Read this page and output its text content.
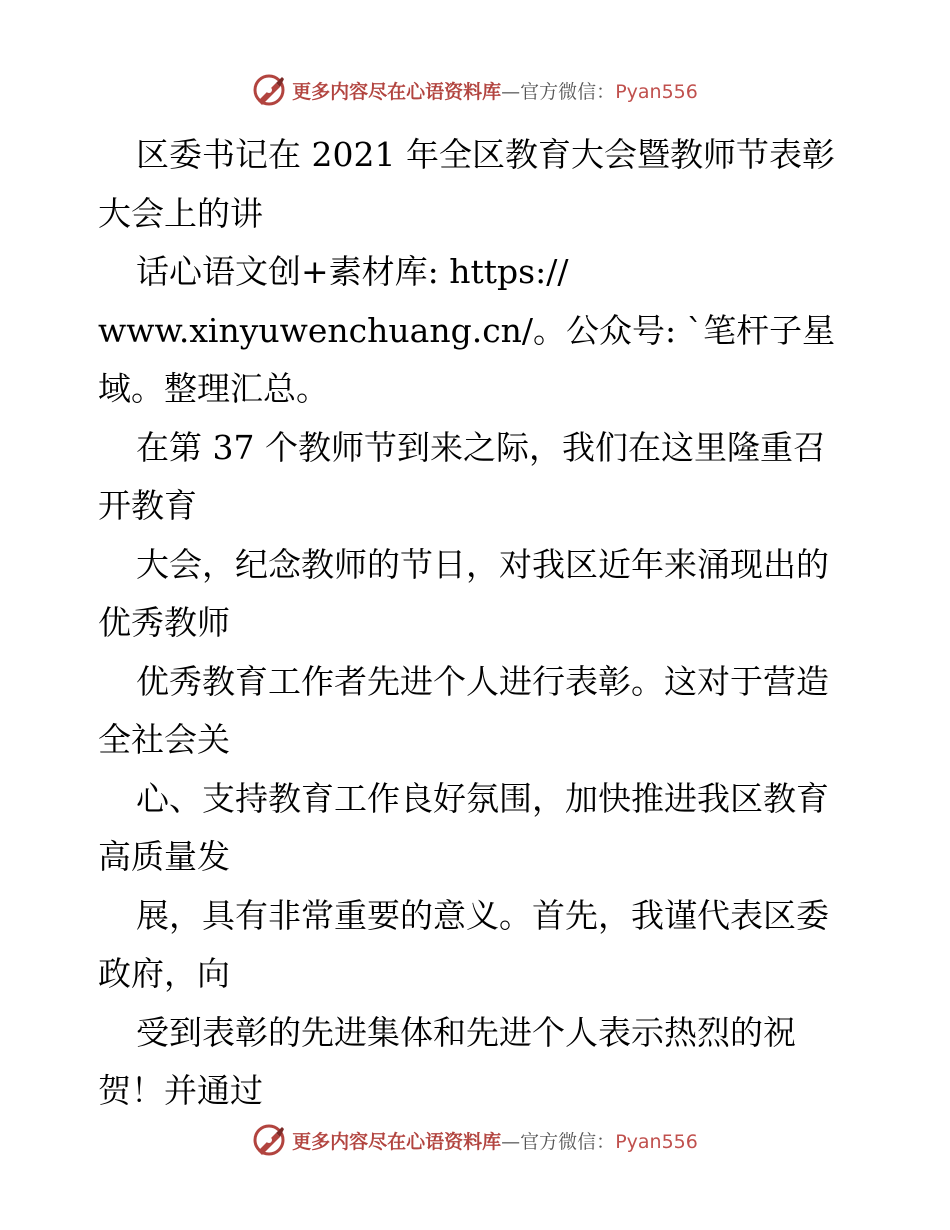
更多内容尽在心语资料库—官方微信：Pyan556
区委书记在 2021 年全区教育大会暨教师节表彰
大会上的讲
话心语文创+素材库: https://
www.xinyuwenchuang.cn/。公众号: `笔杆子星
域。整理汇总。
在第 37 个教师节到来之际，我们在这里隆重召
开教育
大会，纪念教师的节日，对我区近年来涌现出的
优秀教师
优秀教育工作者先进个人进行表彰。这对于营造
全社会关
心、支持教育工作良好氛围，加快推进我区教育
高质量发
展，具有非常重要的意义。首先，我谨代表区委
政府，向
受到表彰的先进集体和先进个人表示热烈的祝
贺！并通过
更多内容尽在心语资料库—官方微信：Pyan556
